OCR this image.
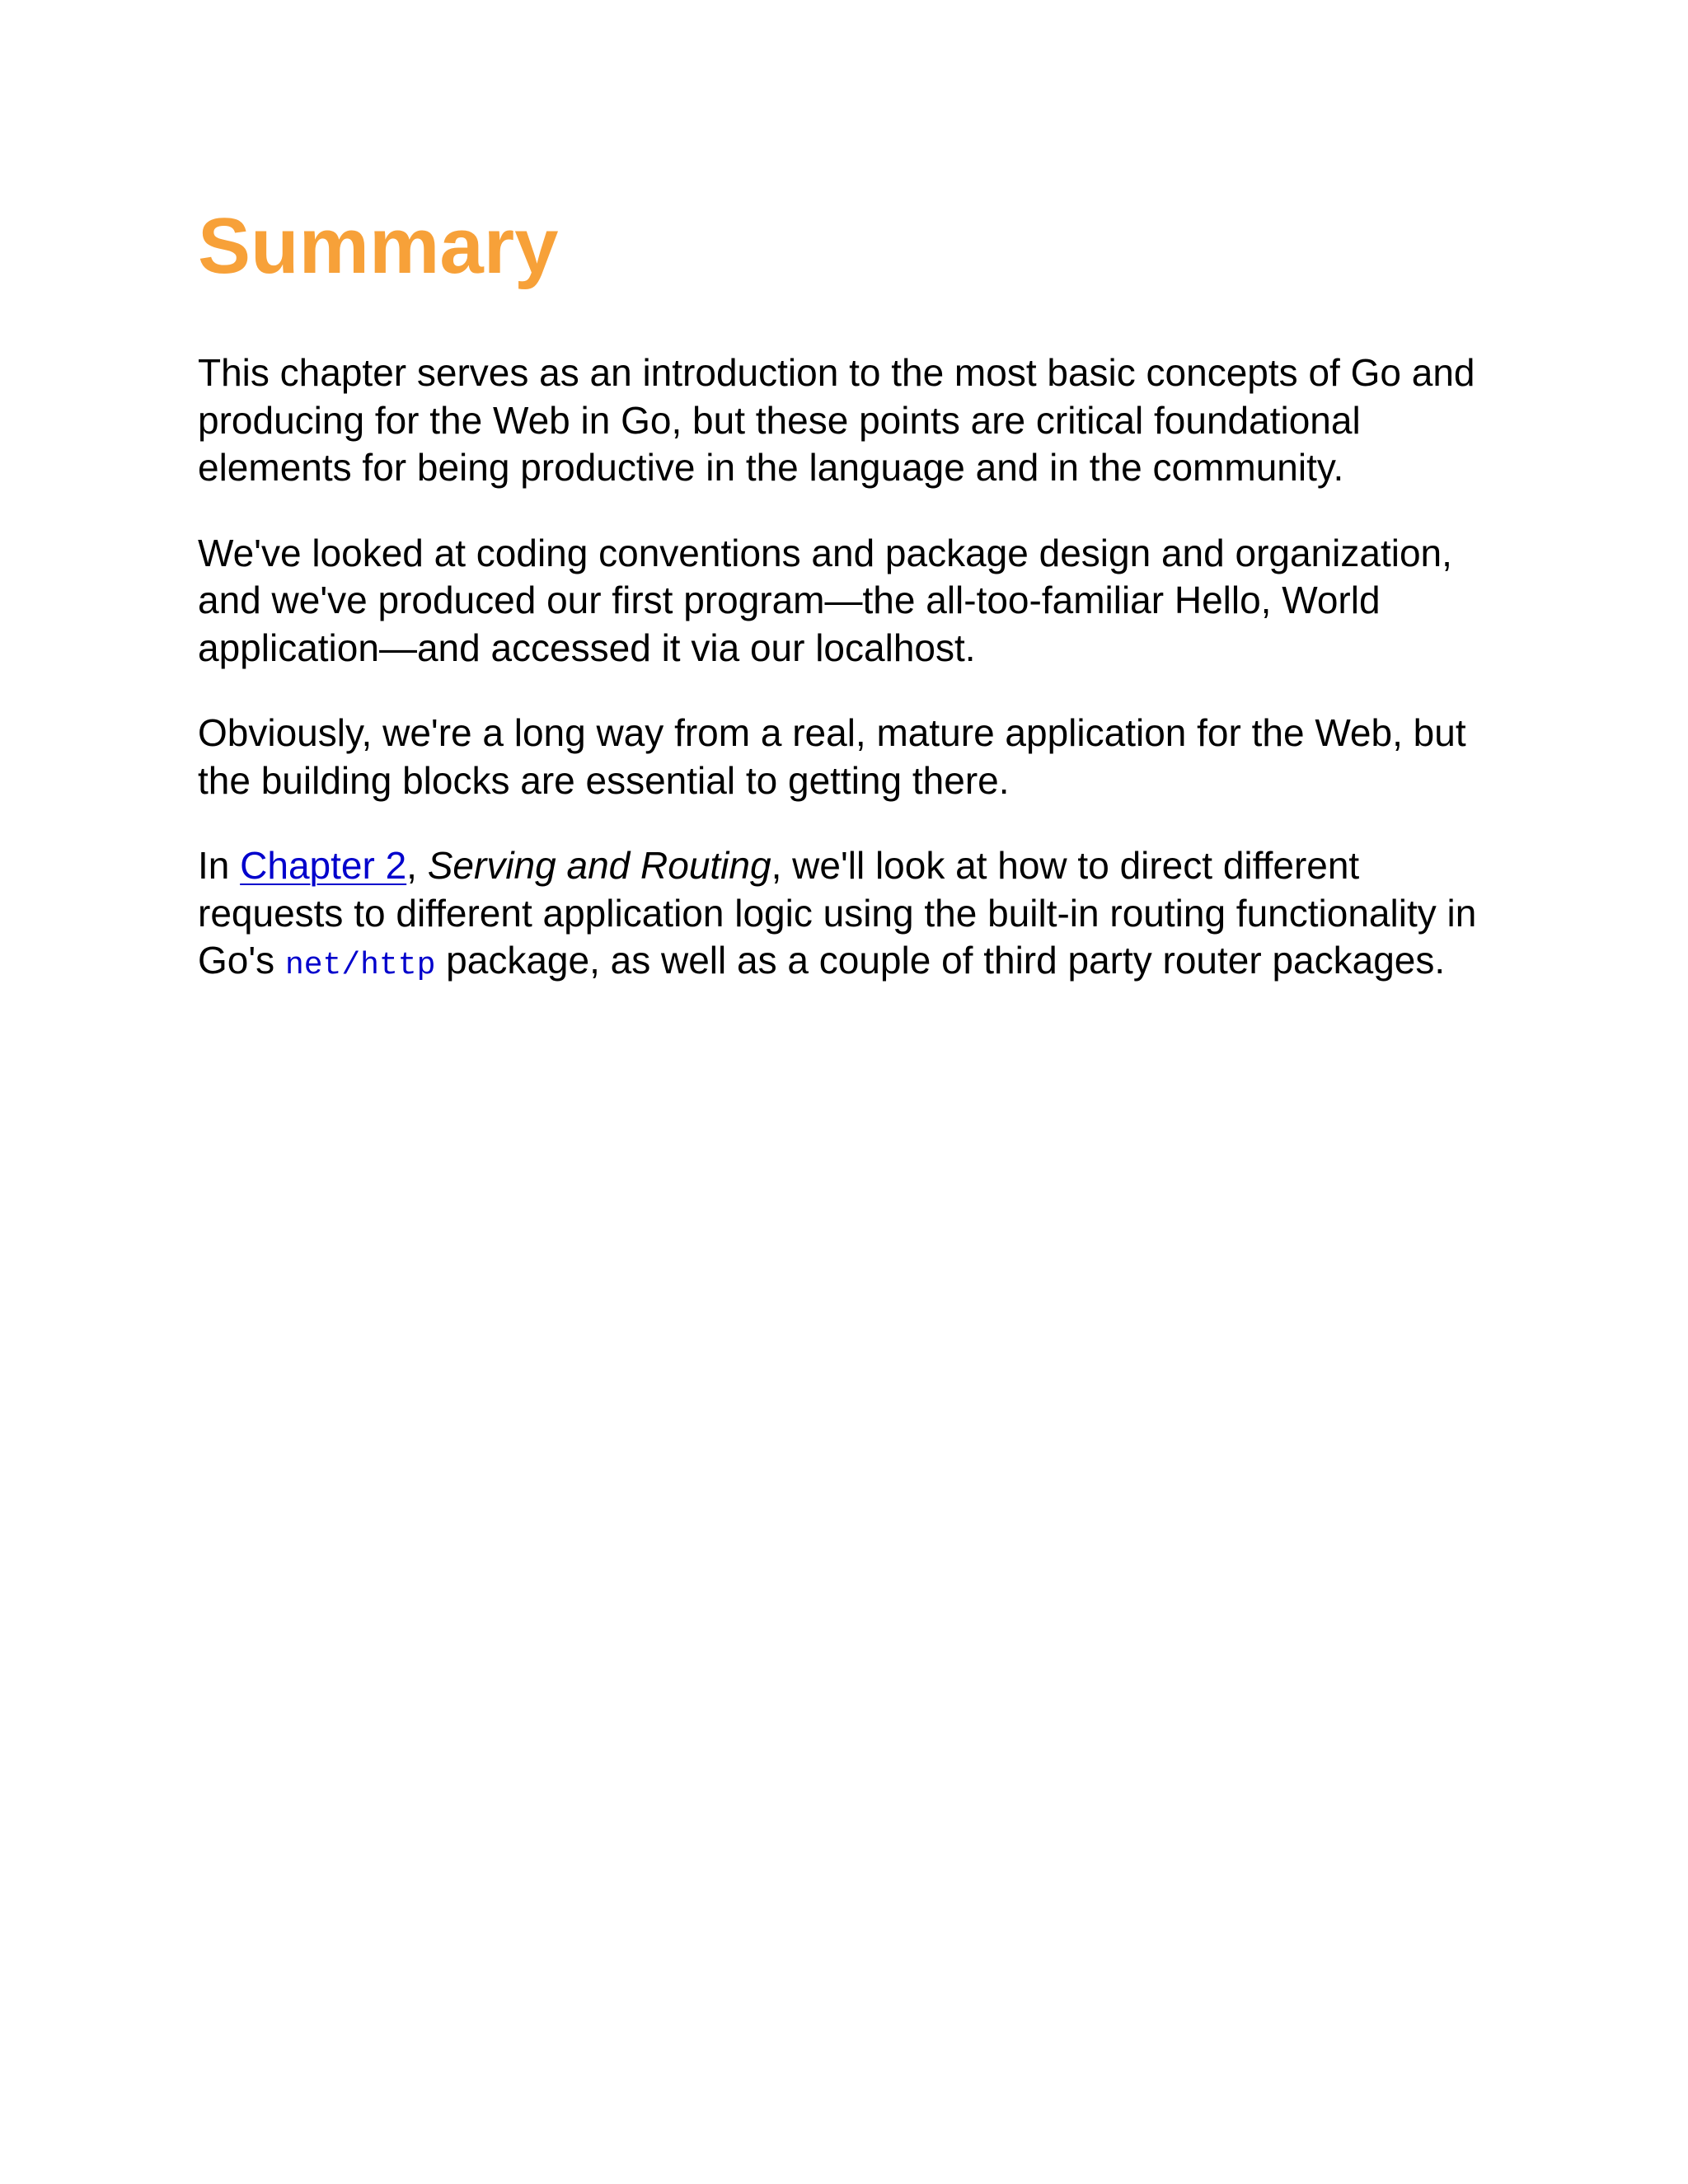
Summary

This chapter serves as an introduction to the most basic concepts of Go and producing for the Web in Go, but these points are critical foundational elements for being productive in the language and in the community.

We've looked at coding conventions and package design and organization, and we've produced our first program—the all-too-familiar Hello, World application—and accessed it via our localhost.

Obviously, we're a long way from a real, mature application for the Web, but the building blocks are essential to getting there.

In Chapter 2, Serving and Routing, we'll look at how to direct different requests to different application logic using the built-in routing functionality in Go's net/http package, as well as a couple of third party router packages.
